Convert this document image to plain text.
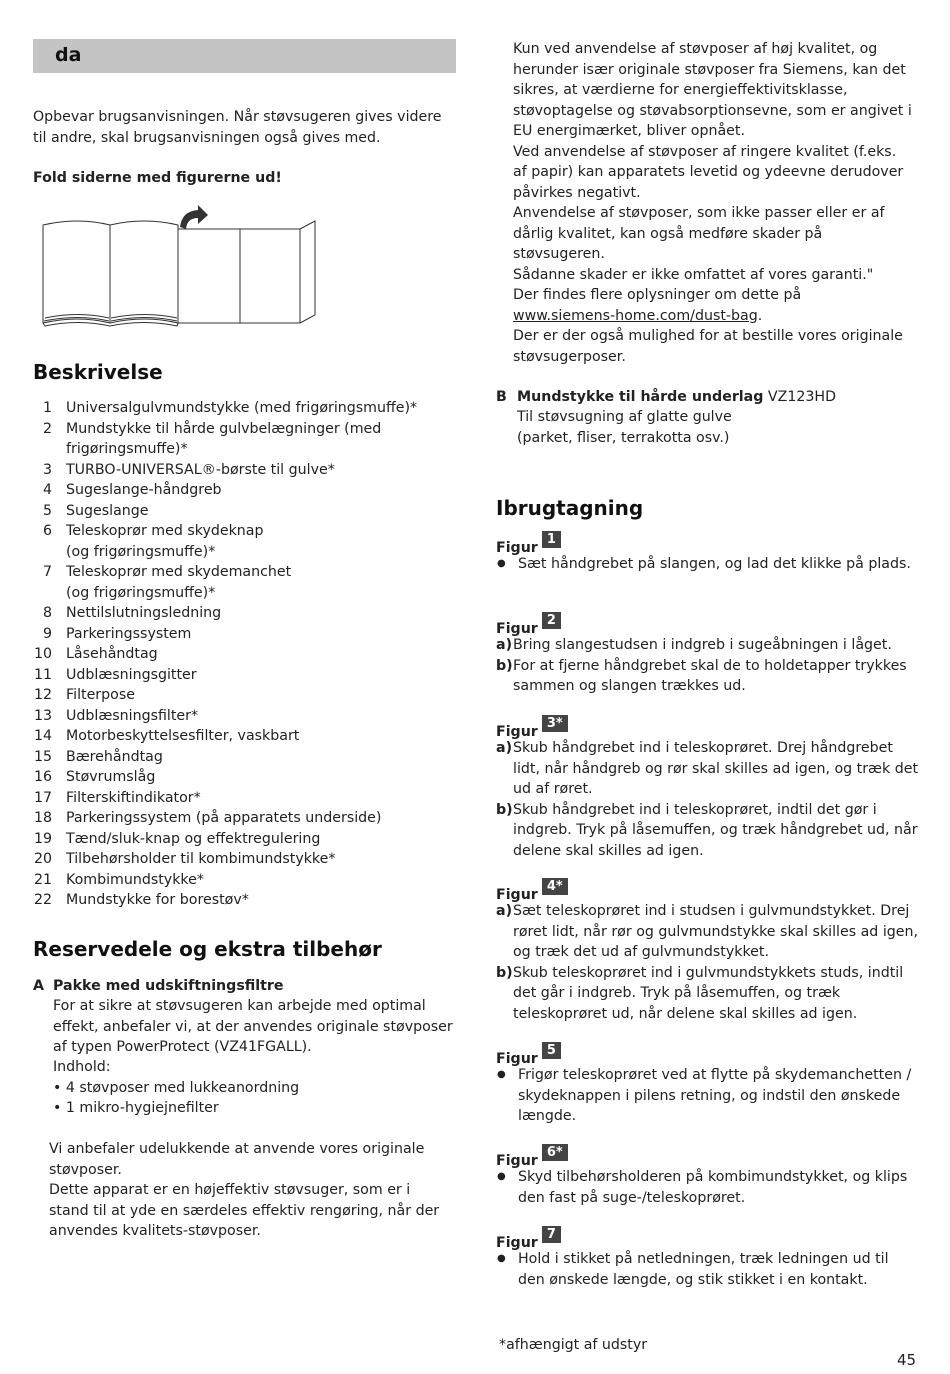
da
Opbevar brugsanvisningen. Når støvsugeren gives videre til andre, skal brugsanvisningen også gives med.
Fold siderne med figurerne ud!
Beskrivelse
1 Universalgulvmundstykke (med frigøringsmuffe)*
2 Mundstykke til hårde gulvbelægninger (med
frigøringsmuffe)*
3 TURBO-UNIVERSAL®-børste til gulve*
4 Sugeslange-håndgreb
5 Sugeslange
6 Teleskoprør med skydeknap
(og frigøringsmuffe)*
7 Teleskoprør med skydemanchet
(og frigøringsmuffe)*
8 Nettilslutningsledning
9 Parkeringssystem
10 Låsehåndtag
11 Udblæsningsgitter
12 Filterpose
13 Udblæsningsfilter*
14 Motorbeskyttelsesfilter, vaskbart
15 Bærehåndtag
16 Støvrumslåg
17 Filterskiftindikator*
18 Parkeringssystem (på apparatets underside)
19 Tænd/sluk-knap og effektregulering
20 Tilbehørsholder til kombimundstykke*
21 Kombimundstykke*
22 Mundstykke for borestøv*
Reservedele og ekstra tilbehør
A Pakke med udskiftningsfiltre
For at sikre at støvsugeren kan arbejde med optimal effekt, anbefaler vi, at der anvendes originale støvposer af typen PowerProtect (VZ41FGALL).
Indhold:
• 4 støvposer med lukkeanordning
• 1 mikro-hygiejnefilter
Vi anbefaler udelukkende at anvende vores originale støvposer.
Dette apparat er en højeffektiv støvsuger, som er i stand til at yde en særdeles effektiv rengøring, når der anvendes kvalitets-støvposer.
Kun ved anvendelse af støvposer af høj kvalitet, og herunder især originale støvposer fra Siemens, kan det sikres, at værdierne for energieffektivitsklasse, støvoptagelse og støvabsorptionsevne, som er angivet i EU energimærket, bliver opnået.
Ved anvendelse af støvposer af ringere kvalitet (f.eks. af papir) kan apparatets levetid og ydeevne derudover påvirkes negativt.
Anvendelse af støvposer, som ikke passer eller er af dårlig kvalitet, kan også medføre skader på støvsugeren.
Sådanne skader er ikke omfattet af vores garanti."
Der findes flere oplysninger om dette på
www.siemens-home.com/dust-bag.
Der er der også mulighed for at bestille vores originale støvsugerposer.
B Mundstykke til hårde underlag VZ123HD
Til støvsugning af glatte gulve
(parket, fliser, terrakotta osv.)
Ibrugtagning
Figur 1
● Sæt håndgrebet på slangen, og lad det klikke på plads.
Figur 2
a) Bring slangestudsen i indgreb i sugeåbningen i låget.
b) For at fjerne håndgrebet skal de to holdetapper trykkes sammen og slangen trækkes ud.
Figur 3*
a) Skub håndgrebet ind i teleskoprøret. Drej håndgrebet lidt, når håndgreb og rør skal skilles ad igen, og træk det ud af røret.
b) Skub håndgrebet ind i teleskoprøret, indtil det gør i indgreb. Tryk på låsemuffen, og træk håndgrebet ud, når delene skal skilles ad igen.
Figur 4*
a) Sæt teleskoprøret ind i studsen i gulvmundstykket. Drej røret lidt, når rør og gulvmundstykke skal skilles ad igen, og træk det ud af gulvmundstykket.
b) Skub teleskoprøret ind i gulvmundstykkets studs, indtil det går i indgreb. Tryk på låsemuffen, og træk teleskoprøret ud, når delene skal skilles ad igen.
Figur 5
● Frigør teleskoprøret ved at flytte på skydemanchetten / skydeknappen i pilens retning, og indstil den ønskede længde.
Figur 6*
● Skyd tilbehørsholderen på kombimundstykket, og klips den fast på suge-/teleskoprøret.
Figur 7
● Hold i stikket på netledningen, træk ledningen ud til den ønskede længde, og stik stikket i en kontakt.
*afhængigt af udstyr
45
